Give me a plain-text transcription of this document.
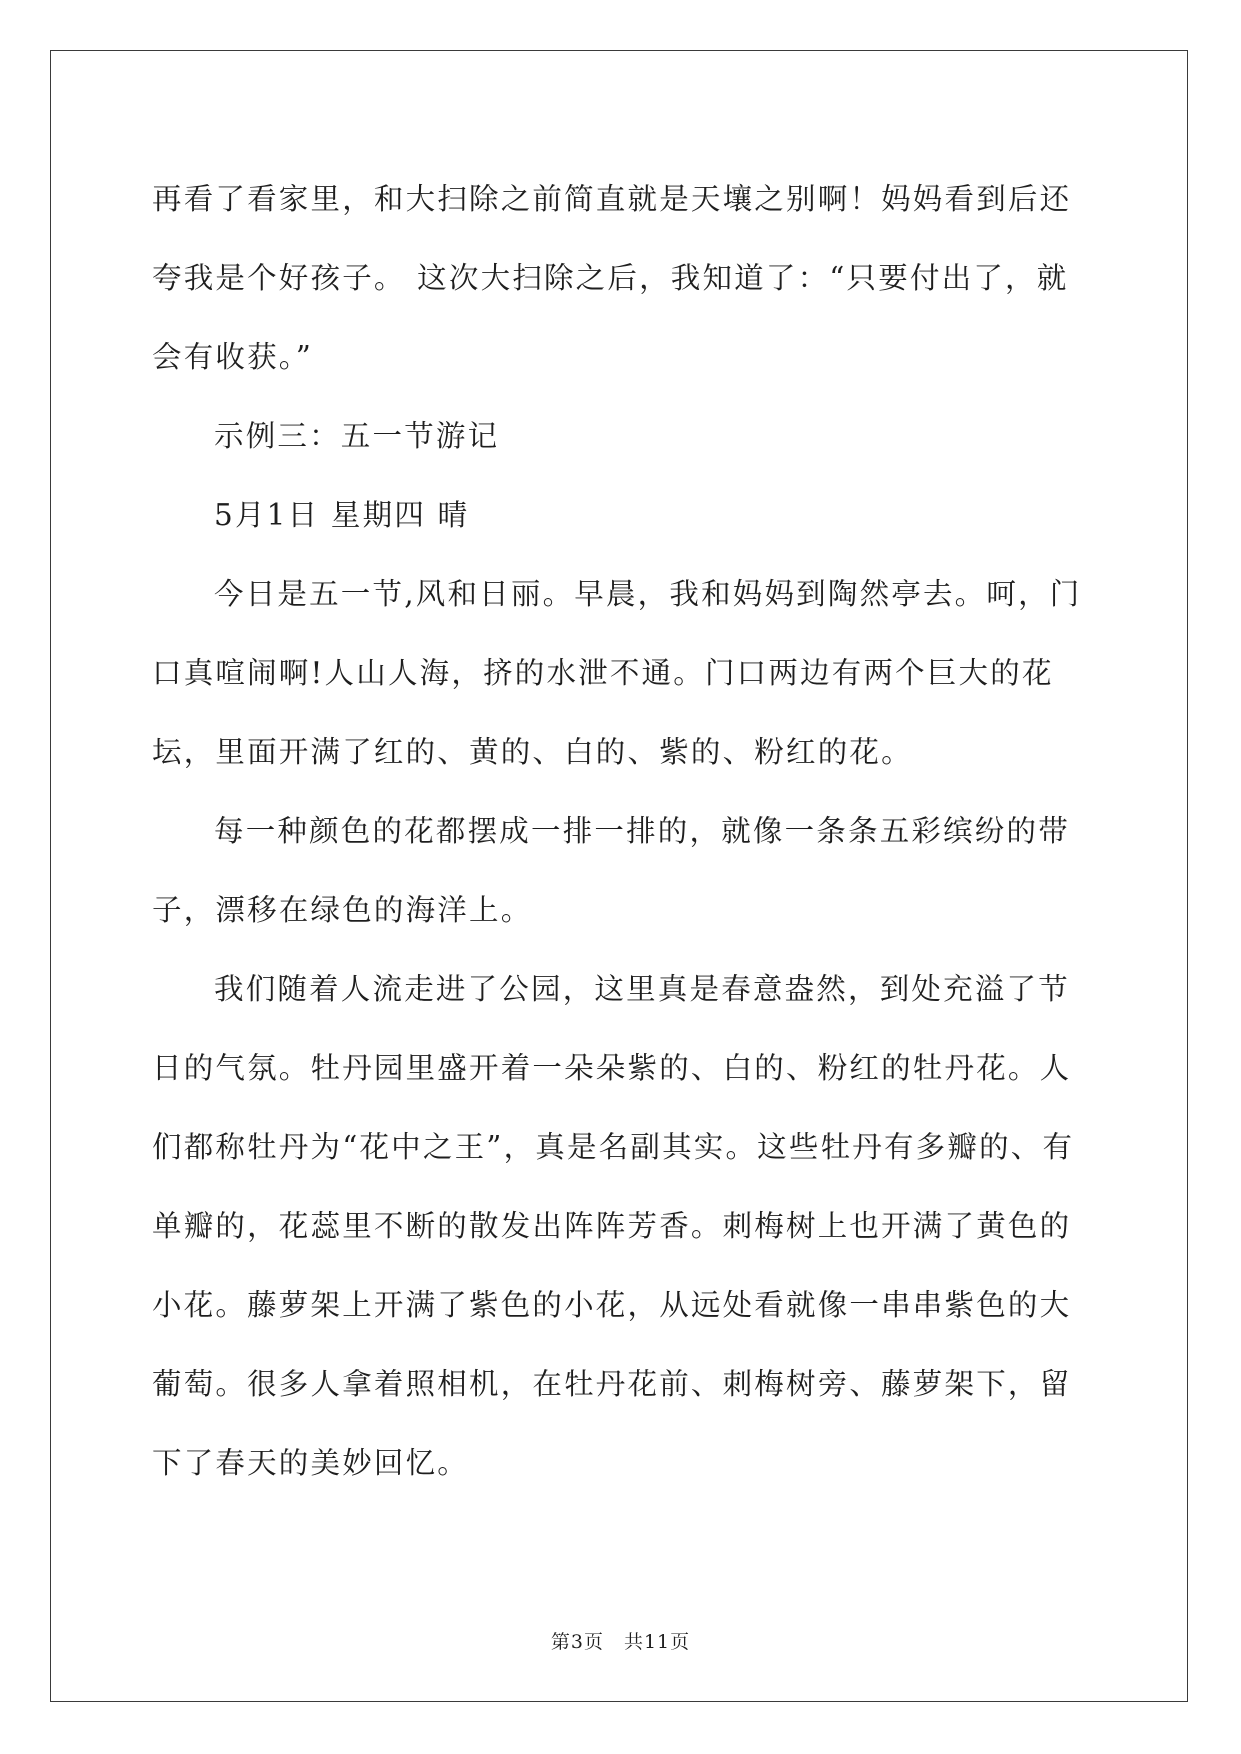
再看了看家里，和大扫除之前简直就是天壤之别啊！妈妈看到后还夸我是个好孩子。 这次大扫除之后，我知道了：“只要付出了，就会有收获。”

示例三：五一节游记

5月1日 星期四 晴

今日是五一节,风和日丽。早晨，我和妈妈到陶然亭去。呵，门口真喧闹啊!人山人海，挤的水泄不通。门口两边有两个巨大的花坛，里面开满了红的、黄的、白的、紫的、粉红的花。

每一种颜色的花都摆成一排一排的，就像一条条五彩缤纷的带子，漂移在绿色的海洋上。

我们随着人流走进了公园，这里真是春意盎然，到处充溢了节日的气氛。牡丹园里盛开着一朵朵紫的、白的、粉红的牡丹花。人们都称牡丹为“花中之王”，真是名副其实。这些牡丹有多瓣的、有单瓣的，花蕊里不断的散发出阵阵芳香。刺梅树上也开满了黄色的小花。藤萝架上开满了紫色的小花，从远处看就像一串串紫色的大葡萄。很多人拿着照相机，在牡丹花前、刺梅树旁、藤萝架下，留下了春天的美妙回忆。

第3页　共11页
